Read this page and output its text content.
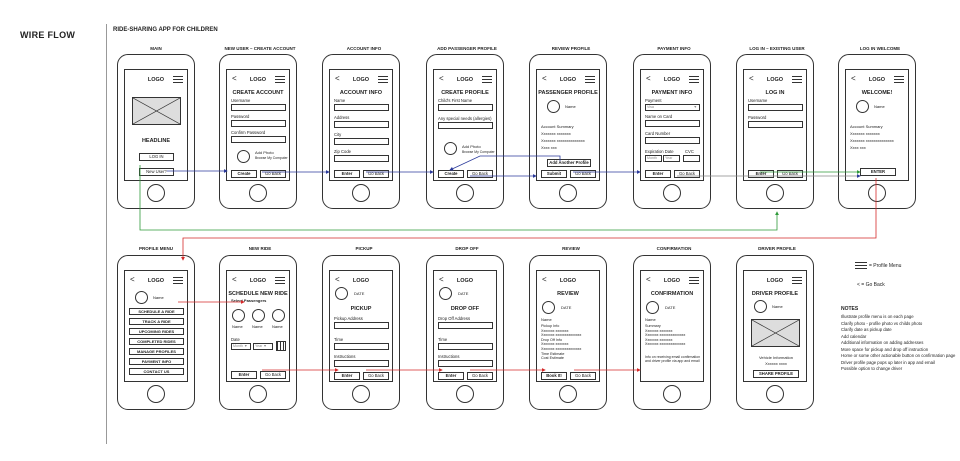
WIRE FLOW	RIDE-SHARING APP FOR CHILDREN
MAIN	NEW USER – CREATE ACCOUNT	ACCOUNT INFO	ADD PASSENGER PROFILE	REVIEW PROFILE	PAYMENT INFO	LOG IN – EXISTING USER	LOG IN WELCOME
PROFILE MENU	NEW RIDE	PICKUP	DROP OFF	REVIEW	CONFIRMATION	DRIVER PROFILE
LOGO
HEADLINE
LOG IN
New User?
<	LOGO
CREATE ACCOUNT
Username
Password
Confirm Password
Add Photo
Browse My Computer
Create	Go Back
<	LOGO
ACCOUNT INFO
Name
Address
City
Zip Code
Enter	Go Back
<	LOGO
CREATE PROFILE
Child's First Name
Any special needs (allergies)
Add Photo
Browse My Computer
Create	Go Back
<	LOGO
PASSENGER PROFILE
Name
Account Summary
Xxxxxxx xxxxxxx
Xxxxxxx xxxxxxxxxxxxxx
Xxxx xxx
Add Another Profile
Submit	Go Back
<	LOGO
PAYMENT INFO
Payment
Visa	▼
Name on Card
Card Number
Expiration Date	CVC
Month	Year
Enter	Go Back
<	LOGO
LOG IN
Username
Password
Enter	Go Back
<	LOGO
WELCOME!
Name
Account Summary
Xxxxxxx xxxxxxx
Xxxxxxx xxxxxxxxxxxxxx
Xxxx xxx
ENTER
<	LOGO
Name
SCHEDULE A RIDE
TRACK A RIDE
UPCOMING RIDES
COMPLETED RIDES
MANAGE PROFILES
PAYMENT INFO
CONTACT US
<	LOGO
SCHEDULE NEW RIDE
Select Passengers
Name Name Name
Date
Month ▼	Year ▼
Enter	Go Back
<	LOGO
DATE
PICKUP
Pickup Address
Time
Instructions
Enter	Go Back
<	LOGO
DATE
DROP OFF
Drop Off Address
Time
Instructions
Enter	Go Back
<	LOGO
REVIEW
DATE
Name
Pickup Info
Xxxxxxx xxxxxxx
Xxxxxxx xxxxxxxxxxxxxx
Drop Off Info
Xxxxxxx xxxxxxx
Xxxxxxx xxxxxxxxxxxxxx
Time Estimate
Cost Estimate
Book It!	Go Back
<	LOGO
CONFIRMATION
DATE
Name
Summary
Xxxxxxx xxxxxxx
Xxxxxxx xxxxxxxxxxxxxx
Xxxxxxx xxxxxxx
Xxxxxxx xxxxxxxxxxxxxx
Info on receiving email confirmation and driver profile via app and email
LOGO
DRIVER PROFILE
Name
Vehicle Information
Xxxxxx xxxx
SHARE PROFILE
= Profile Menu
< = Go Back
NOTES
Illustrate profile menu is on each page
Clarify photo - profile photo vs childs photo
Clarify date as pickup date
Add calendar
Additional information on adding addresses
More space for pickup and drop off instruction
Home or some other actionable button on confirmation page
Driver profile page pops up later in app and email
Possible option to change driver
